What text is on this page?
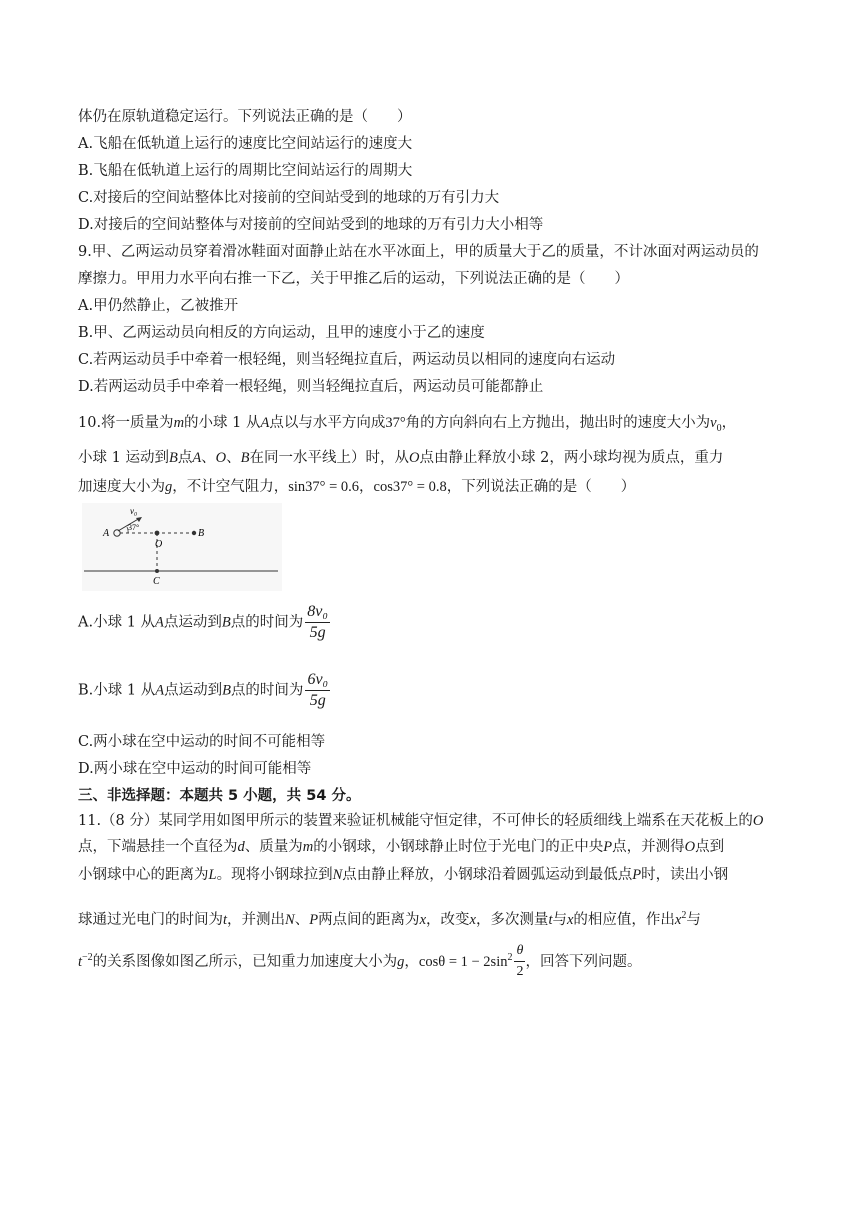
体仍在原轨道稳定运行。下列说法正确的是（　　）
A.飞船在低轨道上运行的速度比空间站运行的速度大
B.飞船在低轨道上运行的周期比空间站运行的周期大
C.对接后的空间站整体比对接前的空间站受到的地球的万有引力大
D.对接后的空间站整体与对接前的空间站受到的地球的万有引力大小相等
9.甲、乙两运动员穿着滑冰鞋面对面静止站在水平冰面上，甲的质量大于乙的质量，不计冰面对两运动员的
摩擦力。甲用力水平向右推一下乙，关于甲推乙后的运动，下列说法正确的是（　　）
A.甲仍然静止，乙被推开
B.甲、乙两运动员向相反的方向运动，且甲的速度小于乙的速度
C.若两运动员手中牵着一根轻绳，则当轻绳拉直后，两运动员以相同的速度向右运动
D.若两运动员手中牵着一根轻绳，则当轻绳拉直后，两运动员可能都静止
10.将一质量为m的小球 1 从A点以与水平方向成37°角的方向斜向右上方抛出，抛出时的速度大小为$v_0$，
小球 1 运动到B点A、O、B在同一水平线上）时，从O点由静止释放小球 2，两小球均视为质点，重力
加速度大小为g，不计空气阻力，sin37° = 0.6，cos37° = 0.8，下列说法正确的是（　　）
v₀
37°
A
O
B
C
A.小球 1 从A点运动到B点的时间为 $\frac{\text{8v₀}}{5g}$
B.小球 1 从A点运动到B点的时间为 $\frac{\text{6v₀}}{5g}$
C.两小球在空中运动的时间不可能相等
D.两小球在空中运动的时间可能相等
三、非选择题：本题共 5 小题，共 54 分。
11.（8 分）某同学用如图甲所示的装置来验证机械能守恒定律，不可伸长的轻质细线上端系在天花板上的O
点，下端悬挂一个直径为d、质量为m的小钢球，小钢球静止时位于光电门的正中央P点，并测得O点到
小钢球中心的距离为L。现将小钢球拉到N点由静止释放，小钢球沿着圆弧运动到最低点P时，读出小钢
球通过光电门的时间为t，并测出N、P两点间的距离为x，改变x，多次测量t与x的相应值，作出$x^2$与
$t^{-2}$的关系图像如图乙所示，已知重力加速度大小为g，$\cos\theta = 1 - 2\sin^2 \frac{\theta}{2}$ ，回答下列问题。
